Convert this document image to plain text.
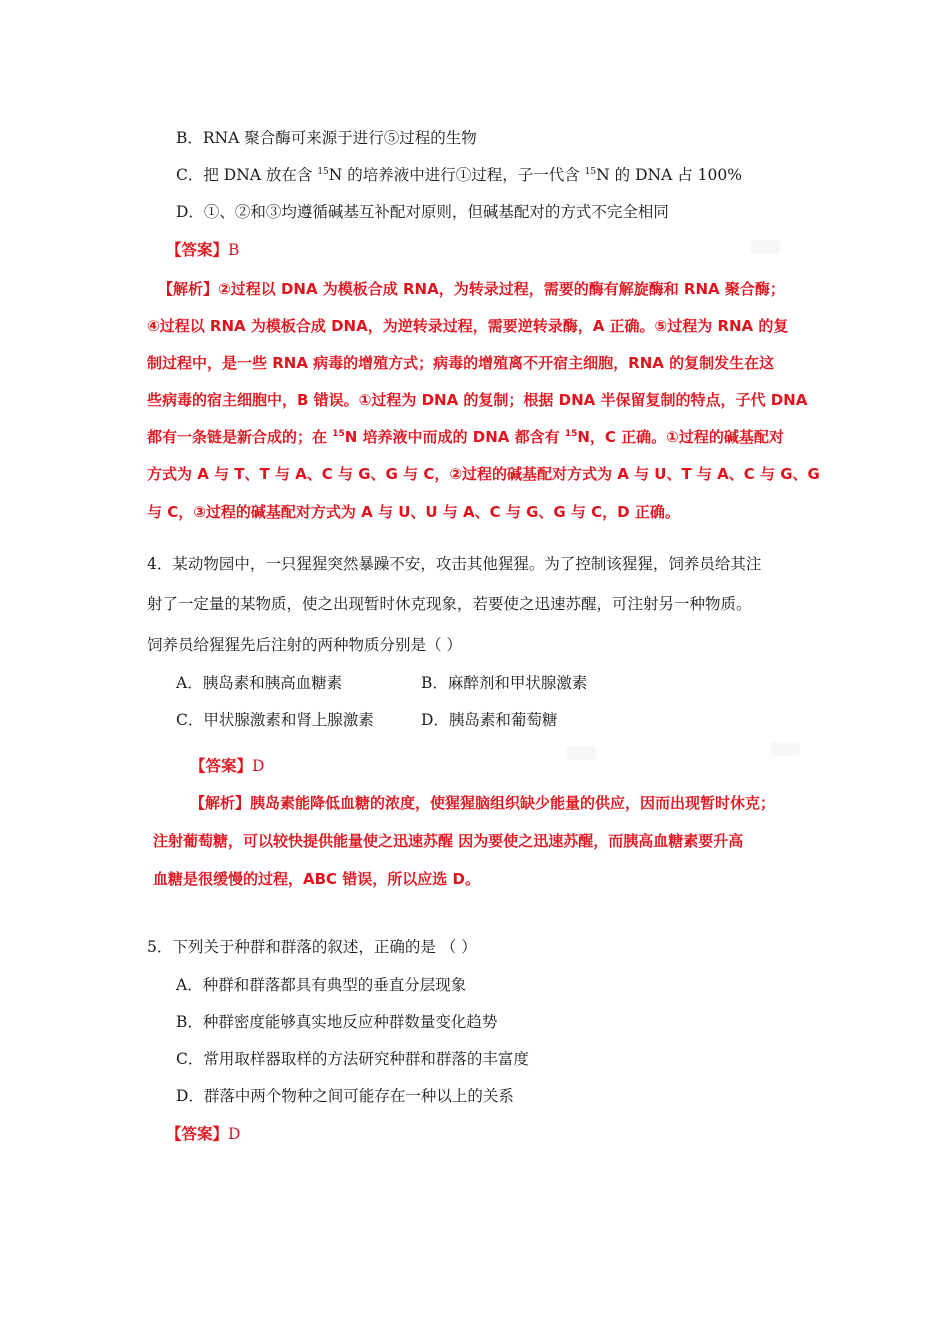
B．RNA 聚合酶可来源于进行⑤过程的生物
C．把 DNA 放在含 $^{15}$N 的培养液中进行①过程，子一代含 $^{15}$N 的 DNA 占 100%
D．①、②和③均遵循碱基互补配对原则，但碱基配对的方式不完全相同
【答案】B
【解析】②过程以 DNA 为模板合成 RNA，为转录过程，需要的酶有解旋酶和 RNA 聚合酶；
④过程以 RNA 为模板合成 DNA，为逆转录过程，需要逆转录酶，A 正确。⑤过程为 RNA 的复
制过程中，是一些 RNA 病毒的增殖方式；病毒的增殖离不开宿主细胞，RNA 的复制发生在这
些病毒的宿主细胞中，B 错误。①过程为 DNA 的复制；根据 DNA 半保留复制的特点，子代 DNA
都有一条链是新合成的；在 $^{15}$N 培养液中而成的 DNA 都含有 $^{15}$N，C 正确。①过程的碱基配对
方式为 A 与 T、T 与 A、C 与 G、G 与 C，②过程的碱基配对方式为 A 与 U、T 与 A、C 与 G、G
与 C，③过程的碱基配对方式为 A 与 U、U 与 A、C 与 G、G 与 C，D 正确。
4．某动物园中，一只猩猩突然暴躁不安，攻击其他猩猩。为了控制该猩猩，饲养员给其注
射了一定量的某物质，使之出现暂时休克现象，若要使之迅速苏醒，可注射另一种物质。
饲养员给猩猩先后注射的两种物质分别是（ ）
A．胰岛素和胰高血糖素	B．麻醉剂和甲状腺激素
C．甲状腺激素和肾上腺激素	D．胰岛素和葡萄糖
【答案】D
【解析】胰岛素能降低血糖的浓度，使猩猩脑组织缺少能量的供应，因而出现暂时休克；
注射葡萄糖，可以较快提供能量使之迅速苏醒 因为要使之迅速苏醒，而胰高血糖素要升高
血糖是很缓慢的过程，ABC 错误，所以应选 D。
5．下列关于种群和群落的叙述，正确的是 （ ）
A．种群和群落都具有典型的垂直分层现象
B．种群密度能够真实地反应种群数量变化趋势
C．常用取样器取样的方法研究种群和群落的丰富度
D．群落中两个物种之间可能存在一种以上的关系
【答案】D
